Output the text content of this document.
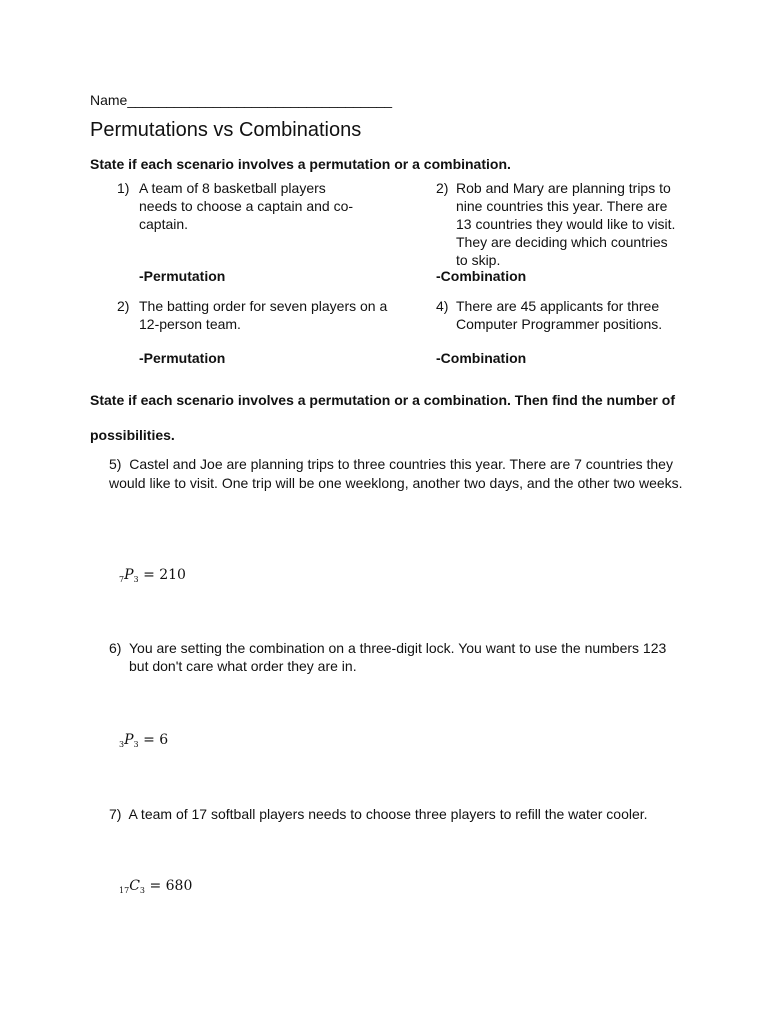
Name__________________________________
Permutations vs Combinations
State if each scenario involves a permutation or a combination.
1) A team of 8 basketball players needs to choose a captain and co-captain.
-Permutation
2) Rob and Mary are planning trips to nine countries this year. There are 13 countries they would like to visit. They are deciding which countries to skip.
-Combination
2) The batting order for seven players on a 12-person team.
-Permutation
4) There are 45 applicants for three Computer Programmer positions.
-Combination
State if each scenario involves a permutation or a combination. Then find the number of
possibilities.
5) Castel and Joe are planning trips to three countries this year. There are 7 countries they would like to visit. One trip will be one weeklong, another two days, and the other two weeks.
$_7P_3 = 210$
6) You are setting the combination on a three-digit lock. You want to use the numbers 123 but don't care what order they are in.
$_3P_3 = 6$
7) A team of 17 softball players needs to choose three players to refill the water cooler.
$_{17}C_3 = 680$
